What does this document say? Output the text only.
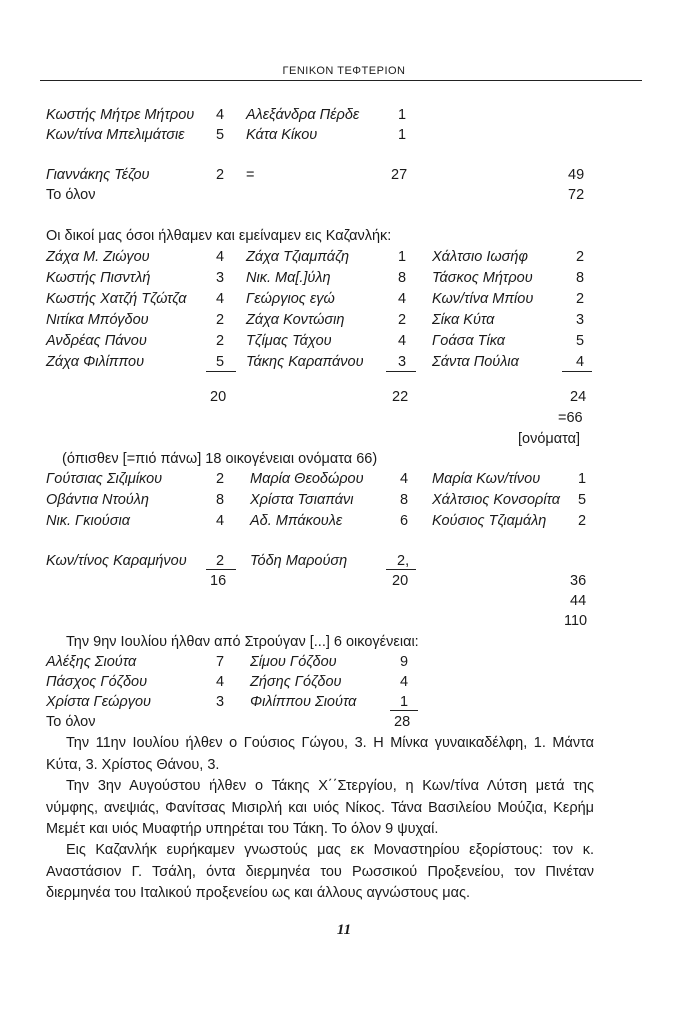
ΓΕΝΙΚΟΝ ΤΕΦΤΕΡΙΟΝ
Κωστής Μήτρε Μήτρου 4 Αλεξάνδρα Πέρδε	1
Κων/τίνα Μπελιμάτσιε 5 Κάτα Κίκου	1
Γιαννάκης Τέζου	2 =	27	49
Το όλον	72
Οι δικοί μας όσοι ήλθαμεν και εμείναμεν εις Καζανλήκ:
Ζάχα Μ. Ζιώγου	4 Ζάχα Τζιαμπάζη	1 Χάλτσιο Ιωσήφ	2
Κωστής Πισντλή	3 Νικ. Μα[.]ύλη	8 Τάσκος Μήτρου	8
Κωστής Χατζή Τζώτζα 4 Γεώργιος εγώ	4 Κων/τίνα Μπίου	2
Νιτίκα Μπόγδου	2 Ζάχα Κοντώσιη	2 Σίκα Κύτα	3
Ανδρέας Πάνου	2 Τζίμας Τάχου	4 Γοάσα Τίκα	5
Ζάχα Φιλίππου	5 Τάκης Καραπάνου 3 Σάντα Πούλια	4
20	22	24
=66
[ονόματα]
(όπισθεν [=πιό πάνω] 18 οικογένειαι ονόματα 66)
Γούτσιας Σιζιμίκου	2 Μαρία Θεοδώρου	4 Μαρία Κων/τίνου	1
Οβάντια Ντούλη	8 Χρίστα Τσιαπάνι	8 Χάλτσιος Κονσορίτα 5
Νικ. Γκιούσια	4 Αδ. Μπάκουλε	6 Κούσιος Τζιαμάλη 2
Κων/τίνος Καραμήνου 2 Τόδη Μαρούση	2,
16	20	36
44
110
Την 9ην Ιουλίου ήλθαν από Στρούγαν [...] 6 οικογένειαι:
Αλέξης Σιούτα	7 Σίμου Γόζδου	9
Πάσχος Γόζδου	4 Ζήσης Γόζδου	4
Χρίστα Γεώργου	3 Φιλίππου Σιούτα	1
Το όλον	28
Την 11ην Ιουλίου ήλθεν ο Γούσιος Γώγου, 3. Η Μίνκα γυναικαδέλφη, 1. Μάντα Κύτα, 3. Χρίστος Θάνου, 3.
Την 3ην Αυγούστου ήλθεν ο Τάκης Χ΄΄Στεργίου, η Κων/τίνα Λύτση μετά της νύμφης, ανεψιάς, Φανίτσας Μισιρλή και υιός Νίκος. Τάνα Βασιλείου Μούζια, Κερήμ Μεμέτ και υιός Μυαφτήρ υπηρέται του Τάκη. Το όλον 9 ψυχαί.
Εις Καζανλήκ ευρήκαμεν γνωστούς μας εκ Μοναστηρίου εξορίστους: τον κ. Αναστάσιον Γ. Τσάλη, όντα διερμηνέα του Ρωσσικού Προξενείου, τον Πινέταν διερμηνέα του Ιταλικού προξενείου ως και άλλους αγνώστους μας.
11
